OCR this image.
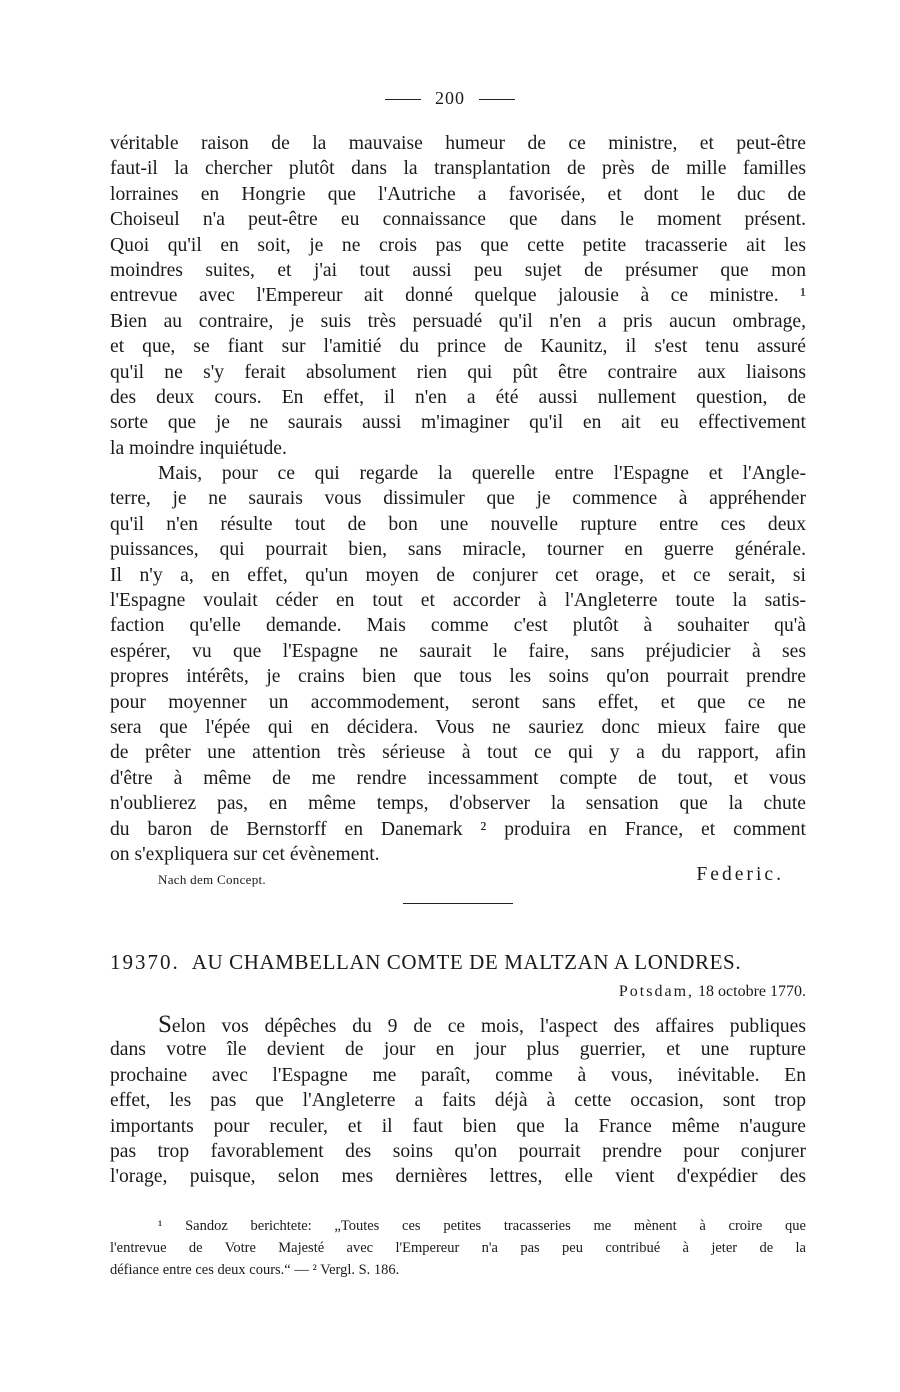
200
véritable raison de la mauvaise humeur de ce ministre, et peut-être
faut-il la chercher plutôt dans la transplantation de près de mille familles
lorraines en Hongrie que l'Autriche a favorisée, et dont le duc de
Choiseul n'a peut-être eu connaissance que dans le moment présent.
Quoi qu'il en soit, je ne crois pas que cette petite tracasserie ait les
moindres suites, et j'ai tout aussi peu sujet de présumer que mon
entrevue avec l'Empereur ait donné quelque jalousie à ce ministre. ¹
Bien au contraire, je suis très persuadé qu'il n'en a pris aucun ombrage,
et que, se fiant sur l'amitié du prince de Kaunitz, il s'est tenu assuré
qu'il ne s'y ferait absolument rien qui pût être contraire aux liaisons
des deux cours. En effet, il n'en a été aussi nullement question, de
sorte que je ne saurais aussi m'imaginer qu'il en ait eu effectivement
la moindre inquiétude.
Mais, pour ce qui regarde la querelle entre l'Espagne et l'Angle-
terre, je ne saurais vous dissimuler que je commence à appréhender
qu'il n'en résulte tout de bon une nouvelle rupture entre ces deux
puissances, qui pourrait bien, sans miracle, tourner en guerre générale.
Il n'y a, en effet, qu'un moyen de conjurer cet orage, et ce serait, si
l'Espagne voulait céder en tout et accorder à l'Angleterre toute la satis-
faction qu'elle demande. Mais comme c'est plutôt à souhaiter qu'à
espérer, vu que l'Espagne ne saurait le faire, sans préjudicier à ses
propres intérêts, je crains bien que tous les soins qu'on pourrait prendre
pour moyenner un accommodement, seront sans effet, et que ce ne
sera que l'épée qui en décidera. Vous ne sauriez donc mieux faire que
de prêter une attention très sérieuse à tout ce qui y a du rapport, afin
d'être à même de me rendre incessamment compte de tout, et vous
n'oublierez pas, en même temps, d'observer la sensation que la chute
du baron de Bernstorff en Danemark ² produira en France, et comment
on s'expliquera sur cet évènement.
Nach dem Concept.	Federic.
19370. AU CHAMBELLAN COMTE DE MALTZAN A LONDRES.
Potsdam, 18 octobre 1770.
Selon vos dépêches du 9 de ce mois, l'aspect des affaires publiques
dans votre île devient de jour en jour plus guerrier, et une rupture
prochaine avec l'Espagne me paraît, comme à vous, inévitable. En
effet, les pas que l'Angleterre a faits déjà à cette occasion, sont trop
importants pour reculer, et il faut bien que la France même n'augure
pas trop favorablement des soins qu'on pourrait prendre pour conjurer
l'orage, puisque, selon mes dernières lettres, elle vient d'expédier des
¹ Sandoz berichtete: „Toutes ces petites tracasseries me mènent à croire que
l'entrevue de Votre Majesté avec l'Empereur n'a pas peu contribué à jeter de la
défiance entre ces deux cours.“ — ² Vergl. S. 186.
